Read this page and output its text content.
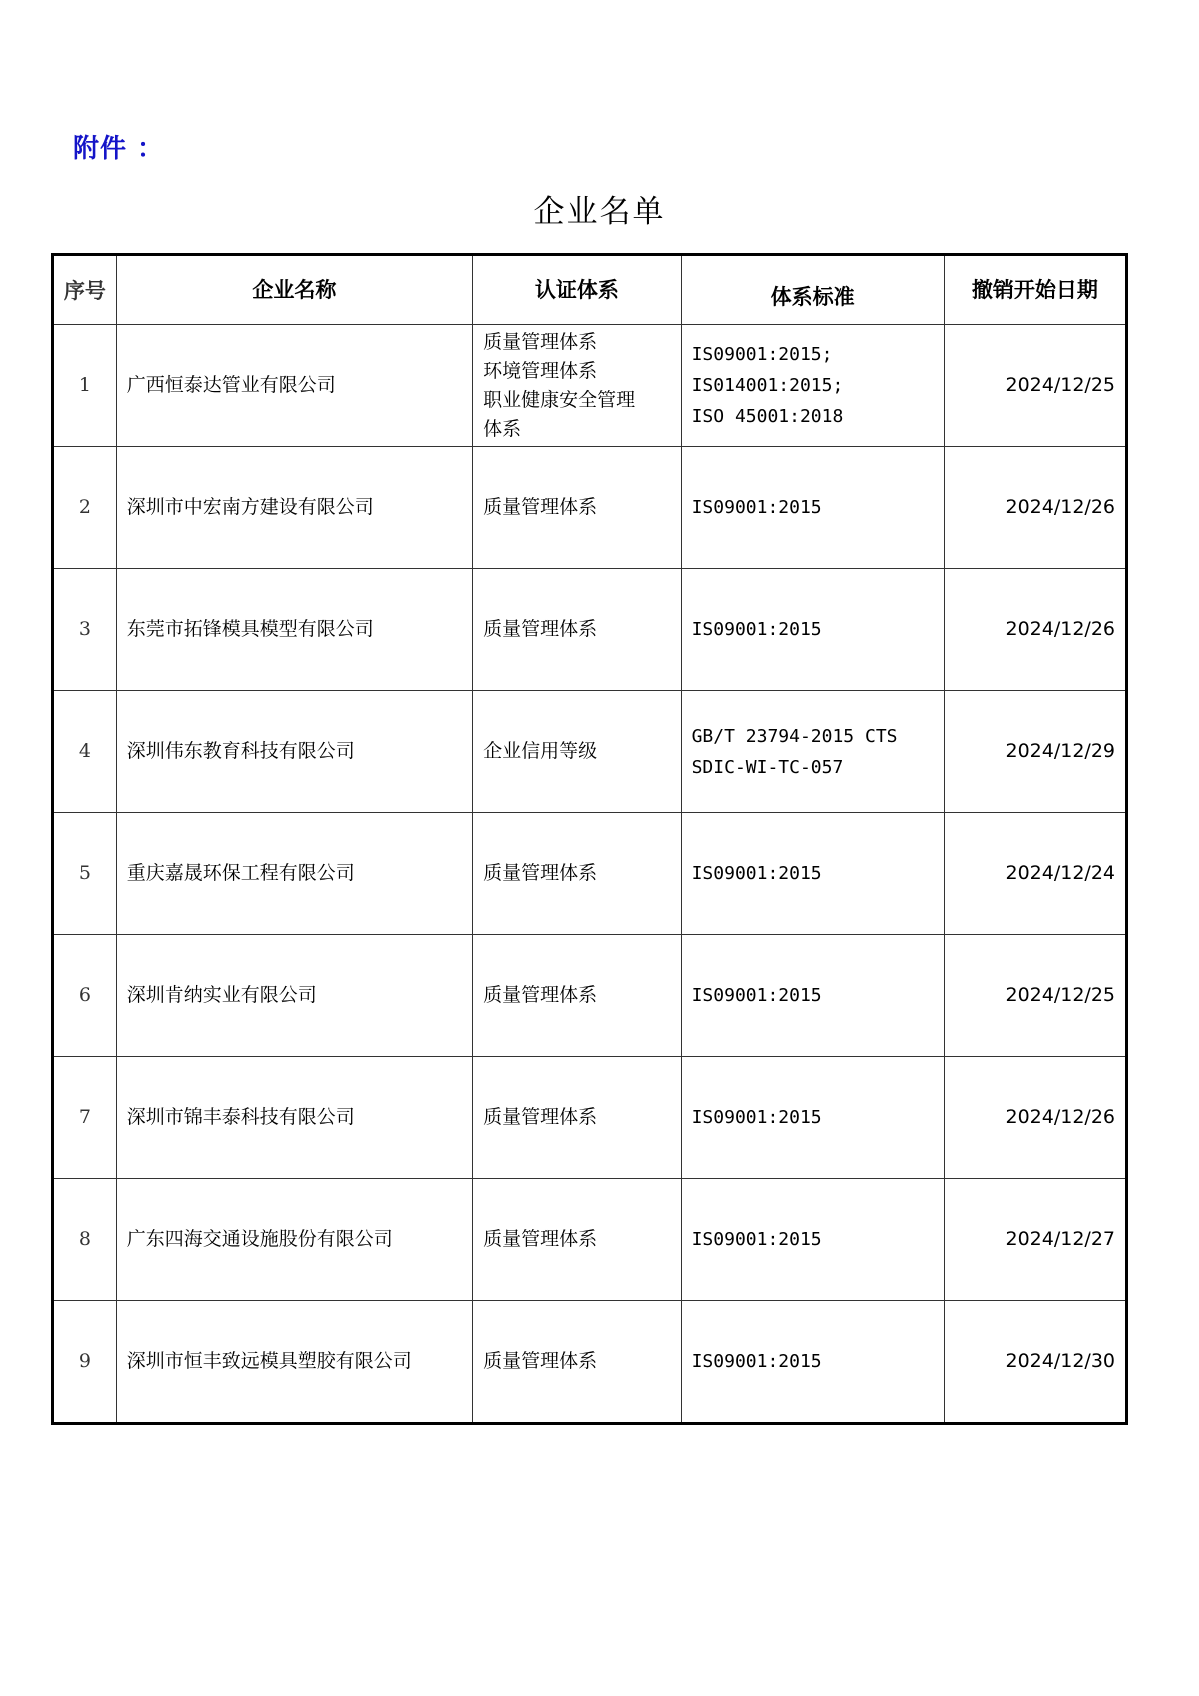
附件 ：
企业名单
序号	企业名称	认证体系	体系标准	撤销开始日期
1	广西恒泰达管业有限公司	质量管理体系
环境管理体系
职业健康安全管理
体系	IS09001:2015;
IS014001:2015;
ISO 45001:2018	2024/12/25
2	深圳市中宏南方建设有限公司	质量管理体系	IS09001:2015	2024/12/26
3	东莞市拓锋模具模型有限公司	质量管理体系	IS09001:2015	2024/12/26
4	深圳伟东教育科技有限公司	企业信用等级	GB/T 23794-2015 CTS
SDIC-WI-TC-057	2024/12/29
5	重庆嘉晟环保工程有限公司	质量管理体系	IS09001:2015	2024/12/24
6	深圳肯纳实业有限公司	质量管理体系	IS09001:2015	2024/12/25
7	深圳市锦丰泰科技有限公司	质量管理体系	IS09001:2015	2024/12/26
8	广东四海交通设施股份有限公司	质量管理体系	IS09001:2015	2024/12/27
9	深圳市恒丰致远模具塑胶有限公司	质量管理体系	IS09001:2015	2024/12/30
